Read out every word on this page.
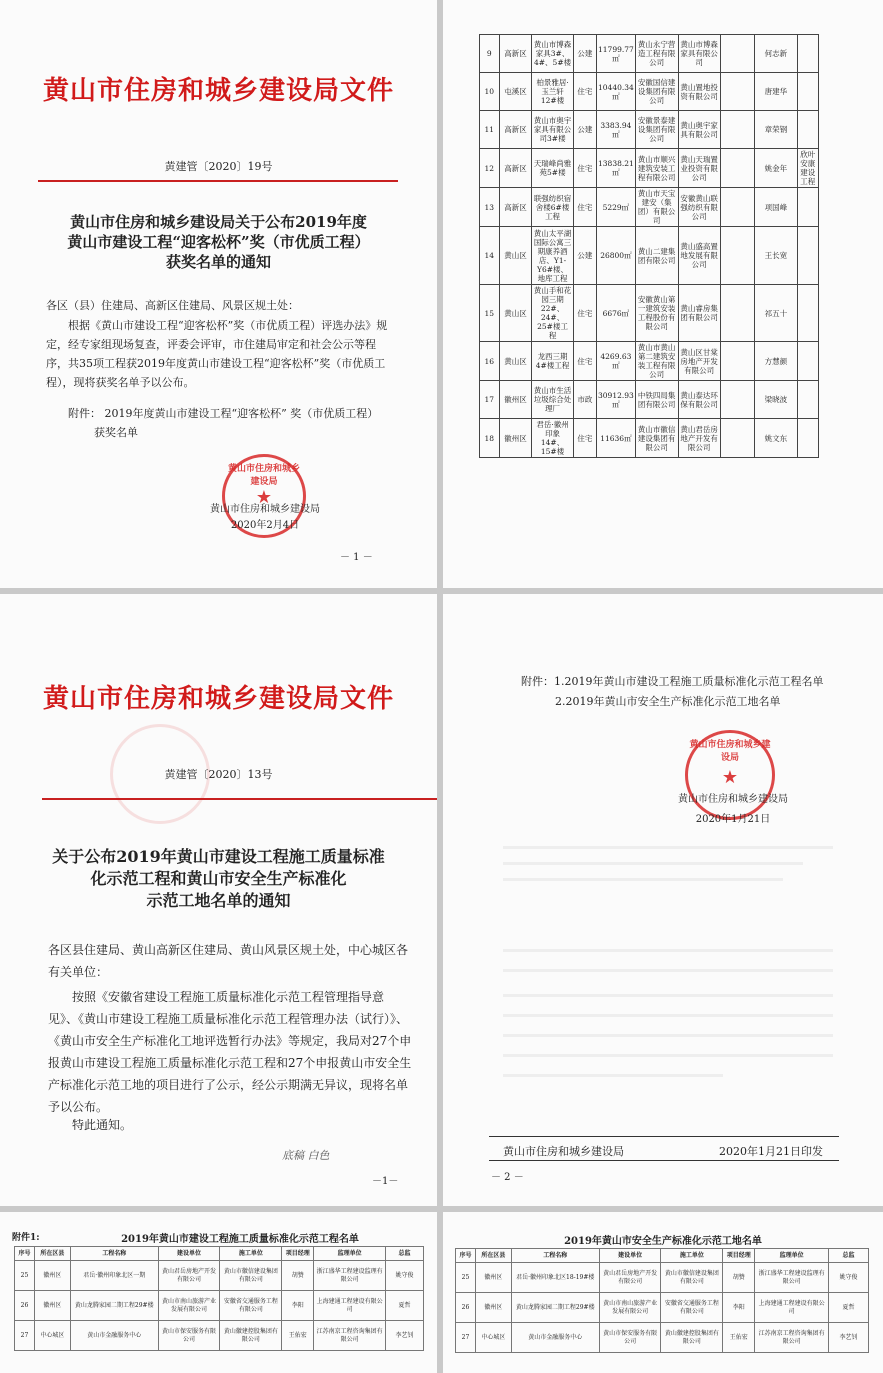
黄山市住房和城乡建设局文件
黄建管〔2020〕19号
黄山市住房和城乡建设局关于公布2019年度
黄山市建设工程“迎客松杯”奖（市优质工程）
获奖名单的通知
各区（县）住建局、高新区住建局、风景区规土处：
根据《黄山市建设工程“迎客松杯”奖（市优质工程）评选办法》规定，经专家组现场复查，评委会评审，市住建局审定和社会公示等程序，共35项工程获2019年度黄山市建设工程“迎客松杯”奖（市优质工程），现将获奖名单予以公布。
附件： 2019年度黄山市建设工程“迎客松杯” 奖（市优质工程）
获奖名单
黄山市住房和城乡建设局
★
黄山市住房和城乡建设局
2020年2月4日
－ 1 －
9	高新区	黄山市博森家具3#、4#、5#楼	公建	11799.77㎡	黄山永宁营造工程有限公司	黄山市博森家具有限公司		何志新	
10	屯溪区	柏景雅居·玉兰轩12#楼	住宅	10440.34㎡	安徽国信建设集团有限公司	黄山置地投资有限公司		唐建华	
11	高新区	黄山市奥宇家具有限公司3#楼	公建	3383.94㎡	安徽景泰建设集团有限公司	黄山奥宇家具有限公司		章荣钢	
12	高新区	天瑞峰尚雅苑5#楼	住宅	13838.21㎡	黄山市顺兴建筑安装工程有限公司	黄山天瑞置业投资有限公司		姚金年	欣叶安康建设工程
13	高新区	联强纺织宿舍楼6#楼工程	住宅	5229㎡	黄山市天宝建安（集团）有限公司	安徽黄山联强纺织有限公司		项国峰	
14	黄山区	黄山太平湖国际公寓三期康养酒店、Y1-Y6#楼、地库工程	公建	26800㎡	黄山二建集团有限公司	黄山盛高置地发展有限公司		王长宽	
15	黄山区	黄山手和花园三期22#、24#、25#楼工程	住宅	6676㎡	安徽黄山第一建筑安装工程股份有限公司	黄山睿房集团有限公司		祁五十	
16	黄山区	龙西三期4#楼工程	住宅	4269.63㎡	黄山市黄山第二建筑安装工程有限公司	黄山区甘棠房地产开发有限公司		方慧颜	
17	徽州区	黄山市生活垃圾综合处理厂	市政	30912.93㎡	中铁四局集团有限公司	黄山泰达环保有限公司		梁晓波	
18	徽州区	君岳·徽州印象14#、15#楼	住宅	11636㎡	黄山市徽信建设集团有限公司	黄山君岳房地产开发有限公司		姚文东	
黄山市住房和城乡建设局文件
黄建管〔2020〕13号
关于公布2019年黄山市建设工程施工质量标准
化示范工程和黄山市安全生产标准化
示范工地名单的通知
各区县住建局、黄山高新区住建局、黄山风景区规土处，中心城区各有关单位：
按照《安徽省建设工程施工质量标准化示范工程管理指导意见》、《黄山市建设工程施工质量标准化示范工程管理办法（试行）》、《黄山市安全生产标准化工地评选暂行办法》等规定，我局对27个申报黄山市建设工程施工质量标准化示范工程和27个申报黄山市安全生产标准化示范工地的项目进行了公示，经公示期满无异议，现将名单予以公布。
特此通知。
底稿 白色
－1－
附件：1.2019年黄山市建设工程施工质量标准化示范工程名单
2.2019年黄山市安全生产标准化示范工地名单
黄山市住房和城乡建设局
★
黄山市住房和城乡建设局
2020年1月21日
黄山市住房和城乡建设局	2020年1月21日印发
－ 2 －
附件1:	2019年黄山市建设工程施工质量标准化示范工程名单
序号	所在区县	工程名称	建设单位	施工单位	项目经理	监理单位	总监
25	徽州区	君岳·徽州印象北区一期	黄山君岳房地产开发有限公司	黄山市徽信建设集团有限公司	胡赞	浙江盛华工程建设监理有限公司	姚守俊
26	徽州区	黄山龙腾家园二期工程29#楼	黄山市南山旅游产业发展有限公司	安徽省交通服务工程有限公司	李阳	上海建通工程建设有限公司	夏哲
27	中心城区	黄山市金融服务中心	黄山市保安服务有限公司	黄山徽建控股集团有限公司	王佑宏	江苏南京工程咨询集团有限公司	李艺钊
2019年黄山市安全生产标准化示范工地名单
序号	所在区县	工程名称	建设单位	施工单位	项目经理	监理单位	总监
25	徽州区	君岳·徽州印象北区18-19#楼	黄山君岳房地产开发有限公司	黄山市徽信建设集团有限公司	胡赞	浙江盛华工程建设监理有限公司	姚守俊
26	徽州区	黄山龙腾家园二期工程29#楼	黄山市南山旅游产业发展有限公司	安徽省交通服务工程有限公司	李阳	上海建通工程建设有限公司	夏哲
27	中心城区	黄山市金融服务中心	黄山市保安服务有限公司	黄山徽建控股集团有限公司	王佑宏	江苏南京工程咨询集团有限公司	李艺钊
